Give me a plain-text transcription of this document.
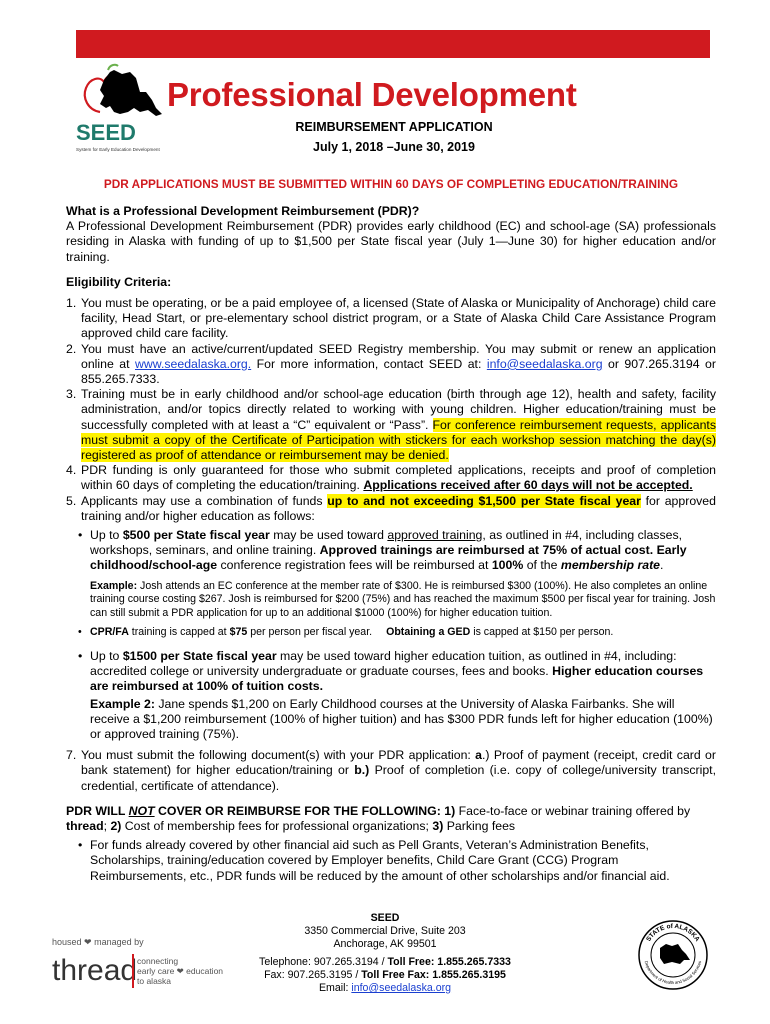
SEED
System for Early Education Development
Professional Development
REIMBURSEMENT APPLICATION
July 1, 2018 –June 30, 2019
PDR APPLICATIONS MUST BE SUBMITTED WITHIN 60 DAYS OF COMPLETING EDUCATION/TRAINING

What is a Professional Development Reimbursement (PDR)?

A Professional Development Reimbursement (PDR) provides early childhood (EC) and school-age (SA) professionals residing in Alaska with funding of up to $1,500 per State fiscal year (July 1—June 30) for higher education and/or training.

Eligibility Criteria:

1. You must be operating, or be a paid employee of, a licensed (State of Alaska or Municipality of Anchorage) child care facility, Head Start, or pre-elementary school district program, or a State of Alaska Child Care Assistance Program approved child care facility.
2. You must have an active/current/updated SEED Registry membership. You may submit or renew an application online at www.seedalaska.org. For more information, contact SEED at: info@seedalaska.org or 907.265.3194 or 855.265.7333.
3. Training must be in early childhood and/or school-age education (birth through age 12), health and safety, facility administration, and/or topics directly related to working with young children. Higher education/training must be successfully completed with at least a “C” equivalent or “Pass”. For conference reimbursement requests, applicants must submit a copy of the Certificate of Participation with stickers for each workshop session matching the day(s) registered as proof of attendance or reimbursement may be denied.
4. PDR funding is only guaranteed for those who submit completed applications, receipts and proof of completion within 60 days of completing the education/training. Applications received after 60 days will not be accepted.
5. Applicants may use a combination of funds up to and not exceeding $1,500 per State fiscal year for approved training and/or higher education as follows:
• Up to $500 per State fiscal year may be used toward approved training, as outlined in #4, including classes, workshops, seminars, and online training. Approved trainings are reimbursed at 75% of actual cost. Early childhood/school-age conference registration fees will be reimbursed at 100% of the membership rate.

Example: Josh attends an EC conference at the member rate of $300. He is reimbursed $300 (100%). He also completes an online training course costing $267. Josh is reimbursed for $200 (75%) and has reached the maximum $500 per fiscal year for training. Josh can still submit a PDR application for up to an additional $1000 (100%) for higher education tuition.

• CPR/FA training is capped at $75 per person per fiscal year. Obtaining a GED is capped at $150 per person.
• Up to $1500 per State fiscal year may be used toward higher education tuition, as outlined in #4, including: accredited college or university undergraduate or graduate courses, fees and books. Higher education courses are reimbursed at 100% of tuition costs.

Example 2: Jane spends $1,200 on Early Childhood courses at the University of Alaska Fairbanks. She will receive a $1,200 reimbursement (100% of higher tuition) and has $300 PDR funds left for higher education (100%) or approved training (75%).

7. You must submit the following document(s) with your PDR application: a.) Proof of payment (receipt, credit card or bank statement) for higher education/training or b.) Proof of completion (i.e. copy of college/university transcript, credential, certificate of attendance).

PDR WILL NOT COVER OR REIMBURSE FOR THE FOLLOWING: 1) Face-to-face or webinar training offered by thread; 2) Cost of membership fees for professional organizations; 3) Parking fees

• For funds already covered by other financial aid such as Pell Grants, Veteran’s Administration Benefits, Scholarships, training/education covered by Employer benefits, Child Care Grant (CCG) Program Reimbursements, etc., PDR funds will be reduced by the amount of other scholarships and/or financial aid.
SEED
3350 Commercial Drive, Suite 203
Anchorage, AK 99501
Telephone: 907.265.3194 / Toll Free: 1.855.265.7333
Fax: 907.265.3195 / Toll Free Fax: 1.855.265.3195
Email: info@seedalaska.org
housed ❤ managed by
thread connecting
early care ❤ education
to alaska
STATE of ALASKA
Department of Health and Social Services
